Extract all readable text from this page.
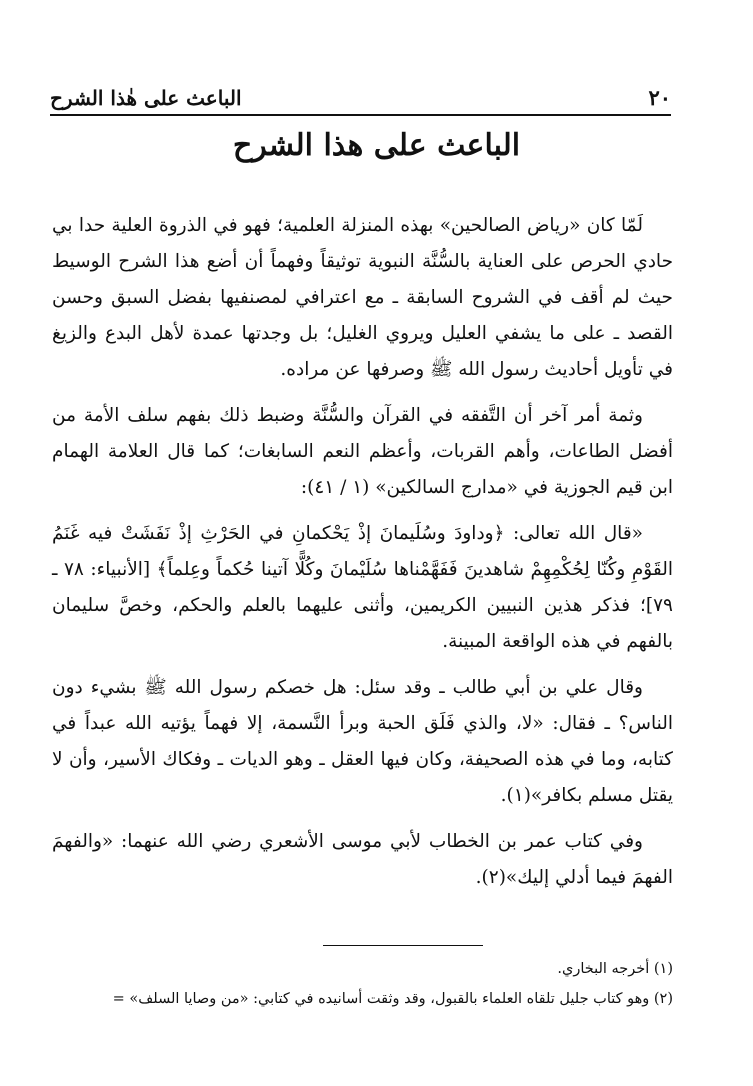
٢٠
الباعث على هٰذا الشرح
الباعث على هذا الشرح

لَمّا كان «رياض الصالحين» بهذه المنزلة العلمية؛ فهو في الذروة العلية حدا بي حادي الحرص على العناية بالسُّنَّة النبوية توثيقاً وفهماً أن أضع هذا الشرح الوسيط حيث لم أقف في الشروح السابقة ـ مع اعترافي لمصنفيها بفضل السبق وحسن القصد ـ على ما يشفي العليل ويروي الغليل؛ بل وجدتها عمدة لأهل البدع والزيغ في تأويل أحاديث رسول الله ﷺ وصرفها عن مراده.

وثمة أمر آخر أن التَّفقه في القرآن والسُّنَّة وضبط ذلك بفهم سلف الأمة من أفضل الطاعات، وأهم القربات، وأعظم النعم السابغات؛ كما قال العلامة الهمام ابن قيم الجوزية في «مدارج السالكين» (١ / ٤١):

«قال الله تعالى: ﴿وداودَ وسُلَيمانَ إذْ يَحْكمانِ في الحَرْثِ إذْ نَفَشَتْ فيه غَنَمُ القَوْمِ وكُنّا لِحُكْمِهِمْ شاهدينَ فَفَهَّمْناها سُلَيْمانَ وكُلًّا آتينا حُكماً وعِلماً﴾ [الأنبياء: ٧٨ ـ ٧٩]؛ فذكر هذين النبيين الكريمين، وأثنى عليهما بالعلم والحكم، وخصَّ سليمان بالفهم في هذه الواقعة المبينة.

وقال علي بن أبي طالب ـ وقد سئل: هل خصكم رسول الله ﷺ بشيء دون الناس؟ ـ فقال: «لا، والذي فَلَق الحبة وبرأ النَّسمة، إلا فهماً يؤتيه الله عبداً في كتابه، وما في هذه الصحيفة، وكان فيها العقل ـ وهو الديات ـ وفكاك الأسير، وأن لا يقتل مسلم بكافر»(١).

وفي كتاب عمر بن الخطاب لأبي موسى الأشعري رضي الله عنهما: «والفهمَ الفهمَ فيما أدلي إليك»(٢).

(١) أخرجه البخاري.

(٢) وهو كتاب جليل تلقاه العلماء بالقبول، وقد وثقت أسانيده في كتابي: «من وصايا السلف» =
